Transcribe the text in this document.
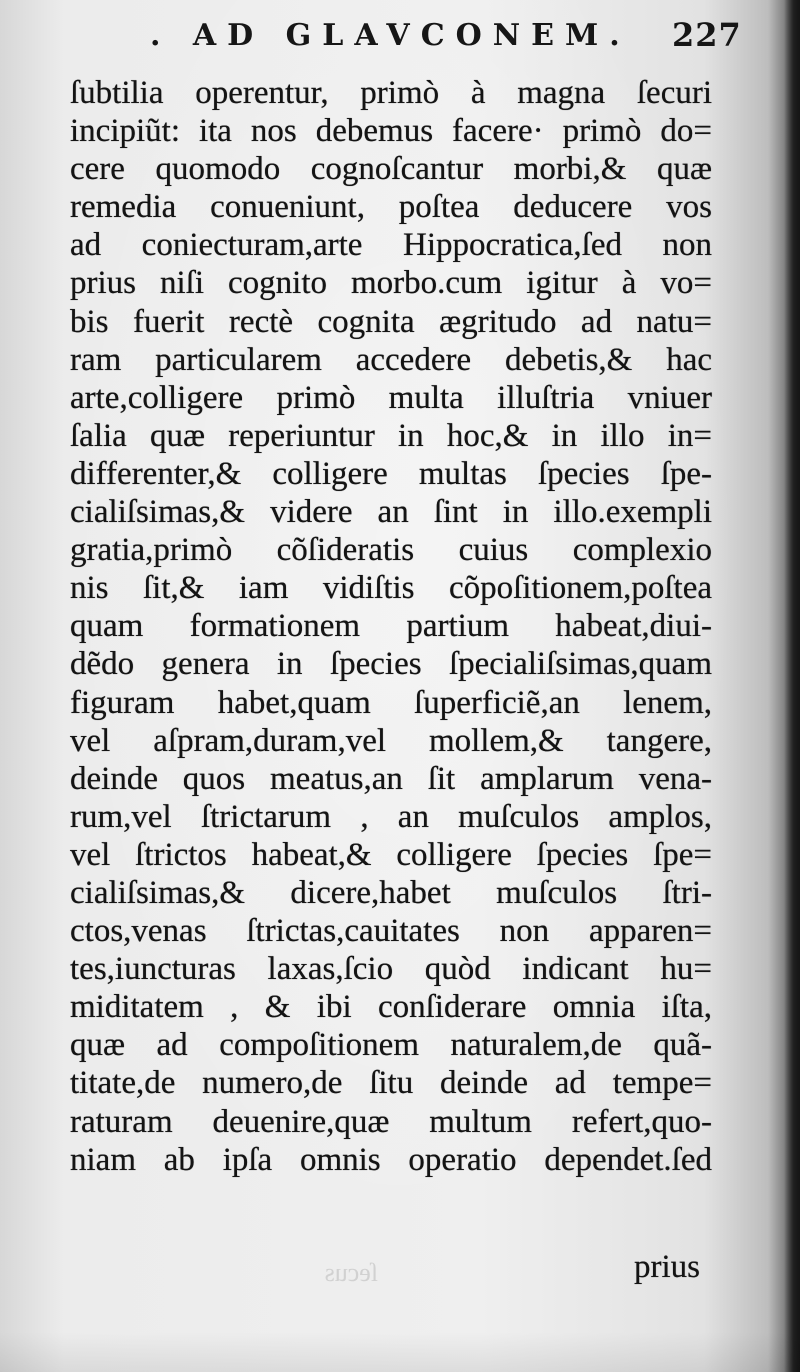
. AD GLAVCONEM. 227
ſubtilia operentur, primò à magna ſecuri
incipiũt: ita nos debemus facere· primò do=
cere quomodo cognoſcantur morbi,& quæ
remedia conueniunt, poſtea deducere vos
ad coniecturam,arte Hippocratica,ſed non
prius niſi cognito morbo.cum igitur à vo=
bis fuerit rectè cognita ægritudo ad natu=
ram particularem accedere debetis,& hac
arte,colligere primò multa illuſtria vniuer
ſalia quæ reperiuntur in hoc,& in illo in=
differenter,& colligere multas ſpecies ſpe-
cialiſsimas,& videre an ſint in illo.exempli
gratia,primò cõſideratis cuius complexio
nis ſit,& iam vidiſtis cõpoſitionem,poſtea
quam formationem partium habeat,diui-
dẽdo genera in ſpecies ſpecialiſsimas,quam
figuram habet,quam ſuperficiẽ,an lenem,
vel aſpram,duram,vel mollem,& tangere,
deinde quos meatus,an ſit amplarum vena-
rum,vel ſtrictarum , an muſculos amplos,
vel ſtrictos habeat,& colligere ſpecies ſpe=
cialiſsimas,& dicere,habet muſculos ſtri-
ctos,venas ſtrictas,cauitates non apparen=
tes,iuncturas laxas,ſcio quòd indicant hu=
miditatem , & ibi conſiderare omnia iſta,
quæ ad compoſitionem naturalem,de quã-
titate,de numero,de ſitu deinde ad tempe=
raturam deuenire,quæ multum refert,quo-
niam ab ipſa omnis operatio dependet.ſed
ſecus	prius
